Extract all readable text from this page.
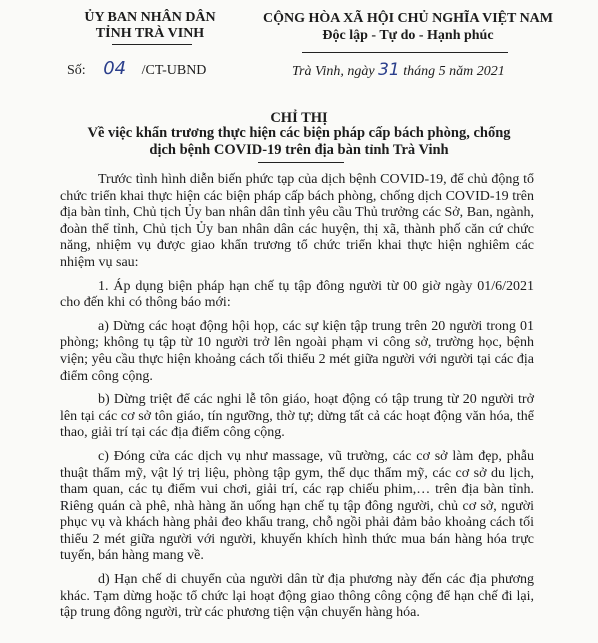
ỦY BAN NHÂN DÂN
TỈNH TRÀ VINH
CỘNG HÒA XÃ HỘI CHỦ NGHĨA VIỆT NAM
Độc lập - Tự do - Hạnh phúc
Số: 04 /CT-UBND	Trà Vinh, ngày 31 tháng 5 năm 2021
CHỈ THỊ
Về việc khẩn trương thực hiện các biện pháp cấp bách phòng, chống
dịch bệnh COVID-19 trên địa bàn tỉnh Trà Vinh

Trước tình hình diễn biến phức tạp của dịch bệnh COVID-19, để chủ động tổ chức triển khai thực hiện các biện pháp cấp bách phòng, chống dịch COVID-19 trên địa bàn tỉnh, Chủ tịch Ủy ban nhân dân tỉnh yêu cầu Thủ trưởng các Sở, Ban, ngành, đoàn thể tỉnh, Chủ tịch Ủy ban nhân dân các huyện, thị xã, thành phố căn cứ chức năng, nhiệm vụ được giao khẩn trương tổ chức triển khai thực hiện nghiêm các nhiệm vụ sau:

1. Áp dụng biện pháp hạn chế tụ tập đông người từ 00 giờ ngày 01/6/2021 cho đến khi có thông báo mới:

a) Dừng các hoạt động hội họp, các sự kiện tập trung trên 20 người trong 01 phòng; không tụ tập từ 10 người trở lên ngoài phạm vi công sở, trường học, bệnh viện; yêu cầu thực hiện khoảng cách tối thiểu 2 mét giữa người với người tại các địa điểm công cộng.

b) Dừng triệt để các nghi lễ tôn giáo, hoạt động có tập trung từ 20 người trở lên tại các cơ sở tôn giáo, tín ngưỡng, thờ tự; dừng tất cả các hoạt động văn hóa, thể thao, giải trí tại các địa điểm công cộng.

c) Đóng cửa các dịch vụ như massage, vũ trường, các cơ sở làm đẹp, phẫu thuật thẩm mỹ, vật lý trị liệu, phòng tập gym, thể dục thẩm mỹ, các cơ sở du lịch, tham quan, các tụ điểm vui chơi, giải trí, các rạp chiếu phim,… trên địa bàn tỉnh. Riêng quán cà phê, nhà hàng ăn uống hạn chế tụ tập đông người, chủ cơ sở, người phục vụ và khách hàng phải đeo khẩu trang, chỗ ngồi phải đảm bảo khoảng cách tối thiểu 2 mét giữa người với người, khuyến khích hình thức mua bán hàng hóa trực tuyến, bán hàng mang về.

d) Hạn chế di chuyển của người dân từ địa phương này đến các địa phương khác. Tạm dừng hoặc tổ chức lại hoạt động giao thông công cộng để hạn chế đi lại, tập trung đông người, trừ các phương tiện vận chuyển hàng hóa.
